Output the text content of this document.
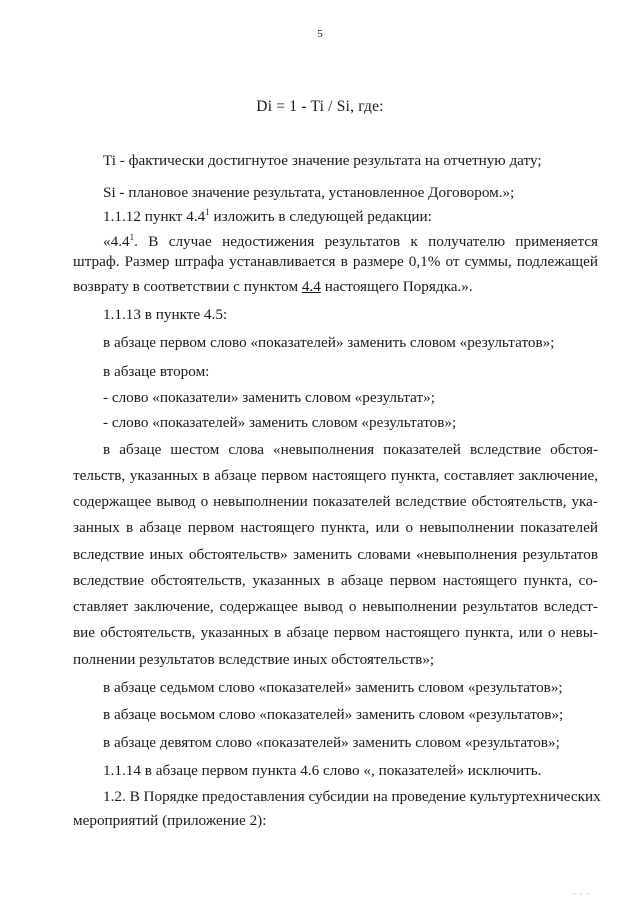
5
Di = 1 - Ti / Si, где:
Ti - фактически достигнутое значение результата на отчетную дату;
Si - плановое значение результата, установленное Договором.»;
1.1.12 пункт $4.4^1$ изложить в следующей редакции:
«$4.4^1$. В случае недостижения результатов к получателю применяется
штраф. Размер штрафа устанавливается в размере 0,1% от суммы, подлежащей
возврату в соответствии с пунктом 4.4 настоящего Порядка.».
1.1.13 в пункте 4.5:
в абзаце первом слово «показателей» заменить словом «результатов»;
в абзаце втором:
- слово «показатели» заменить словом «результат»;
- слово «показателей» заменить словом «результатов»;
в абзаце шестом слова «невыполнения показателей вследствие обстоя-
тельств, указанных в абзаце первом настоящего пункта, составляет заключение,
содержащее вывод о невыполнении показателей вследствие обстоятельств, ука-
занных в абзаце первом настоящего пункта, или о невыполнении показателей
вследствие иных обстоятельств» заменить словами «невыполнения результатов
вследствие обстоятельств, указанных в абзаце первом настоящего пункта, со-
ставляет заключение, содержащее вывод о невыполнении результатов вследст-
вие обстоятельств, указанных в абзаце первом настоящего пункта, или о невы-
полнении результатов вследствие иных обстоятельств»;
в абзаце седьмом слово «показателей» заменить словом «результатов»;
в абзаце восьмом слово «показателей» заменить словом «результатов»;
в абзаце девятом слово «показателей» заменить словом «результатов»;
1.1.14 в абзаце первом пункта 4.6 слово «, показателей» исключить.
1.2. В Порядке предоставления субсидии на проведение культуртехнических
мероприятий (приложение 2):
· · ·
